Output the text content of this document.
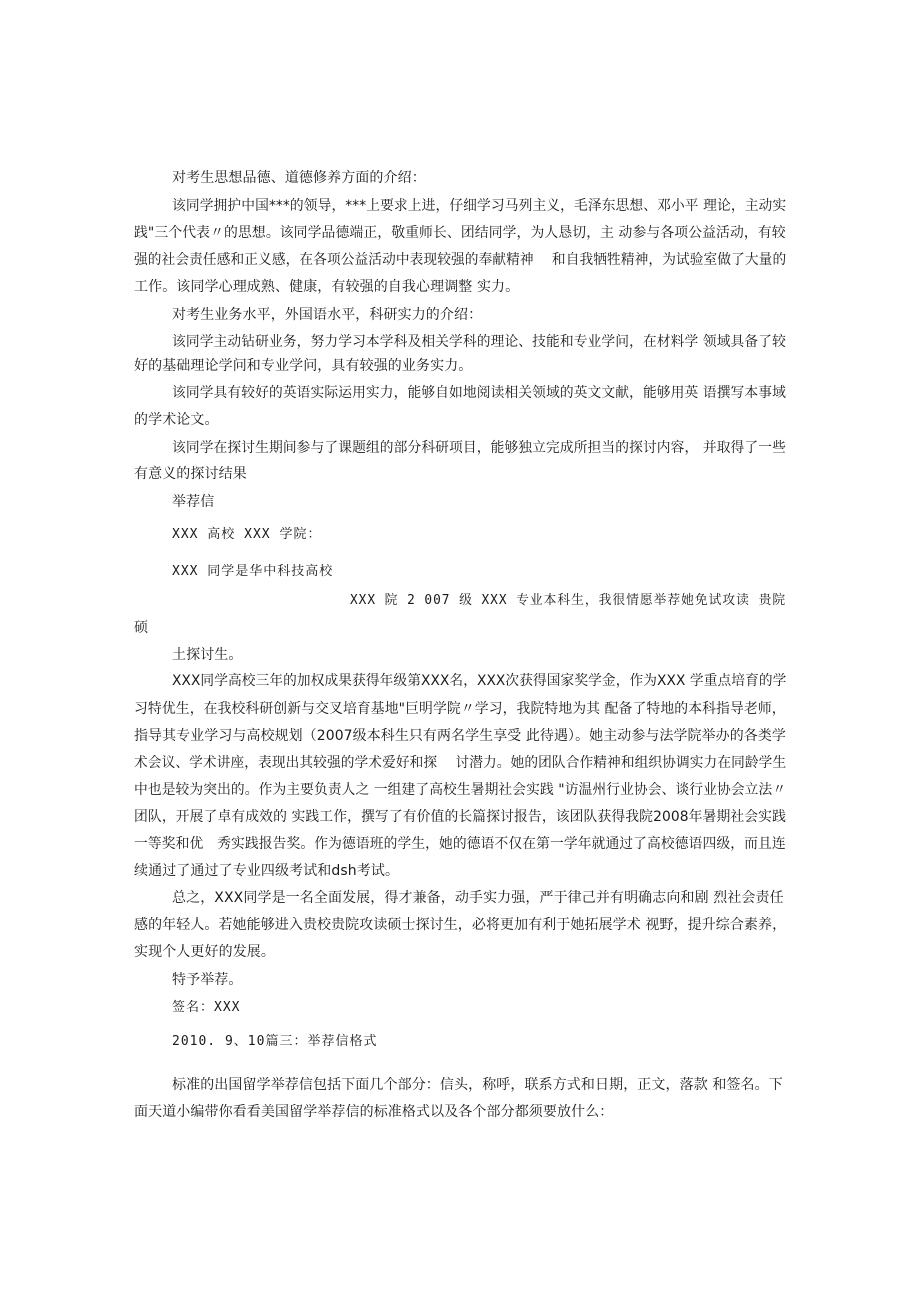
对考生思想品德、道德修养方面的介绍：

该同学拥护中国***的领导，***上要求上进，仔细学习马列主义，毛泽东思想、邓小平 理论，主动实

践"三个代表〃的思想。该同学品德端正，敬重师长、团结同学，为人恳切，主 动参与各项公益活动，有较

强的社会责任感和正义感，在各项公益活动中表现较强的奉献精神　 和自我牺牲精神，为试验室做了大量的

工作。该同学心理成熟、健康，有较强的自我心理调整 实力。

对考生业务水平，外国语水平，科研实力的介绍：

该同学主动钻研业务，努力学习本学科及相关学科的理论、技能和专业学问，在材料学 领域具备了较

好的基础理论学问和专业学问，具有较强的业务实力。

该同学具有较好的英语实际运用实力，能够自如地阅读相关领域的英文文献，能够用英 语撰写本事域

的学术论文。

该同学在探讨生期间参与了课题组的部分科研项目，能够独立完成所担当的探讨内容， 并取得了一些

有意义的探讨结果

举荐信

XXX 高校 XXX 学院：

XXX 同学是华中科技高校

XXX 院 2 007 级 XXX 专业本科生，我很情愿举荐她免试攻读 贵院

硕

土探讨生。

XXX同学高校三年的加权成果获得年级第XXX名，XXX次获得国家奖学金，作为XXX 学重点培育的学

习特优生，在我校科研创新与交叉培育基地"巨明学院〃学习，我院特地为其 配备了特地的本科指导老师，

指导其专业学习与高校规划（2007级本科生只有两名学生享受 此待遇）。她主动参与法学院举办的各类学

术会议、学术讲座，表现出其较强的学术爱好和探　 讨潜力。她的团队合作精神和组织协调实力在同龄学生

中也是较为突出的。作为主要负责人之 一组建了高校生暑期社会实践 "访温州行业协会、谈行业协会立法〃

团队，开展了卓有成效的 实践工作，撰写了有价值的长篇探讨报告，该团队获得我院2008年暑期社会实践

一等奖和优　秀实践报告奖。作为德语班的学生，她的德语不仅在第一学年就通过了高校德语四级，而且连

续通过了通过了专业四级考试和dsh考试。

总之，XXX同学是一名全面发展，得才兼备，动手实力强，严于律己并有明确志向和剧 烈社会责任

感的年轻人。若她能够进入贵校贵院攻读硕士探讨生，必将更加有利于她拓展学术 视野，提升综合素养，

实现个人更好的发展。

特予举荐。

签名：XXX

2010. 9、10篇三：举荐信格式

标准的出国留学举荐信包括下面几个部分：信头，称呼，联系方式和日期，正文，落款 和签名。下

面天道小编带你看看美国留学举荐信的标准格式以及各个部分都须要放什么：
